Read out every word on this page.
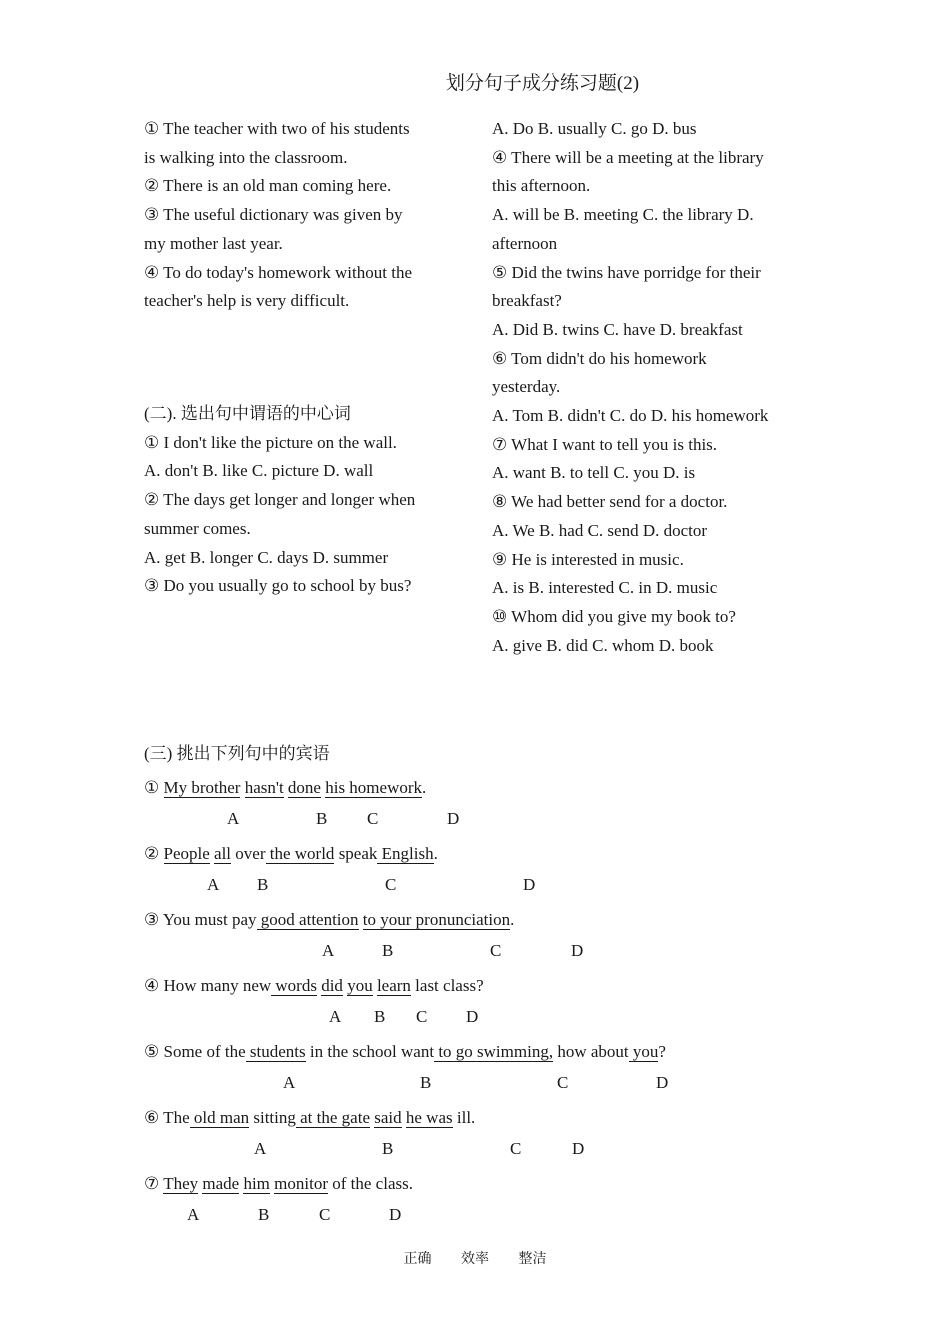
划分句子成分练习题(2)

① The teacher with two of his students

is walking into the classroom.

② There is an old man coming here.

③ The useful dictionary was given by

my mother last year.

④ To do today's homework without the

teacher's help is very difficult.

(二). 选出句中谓语的中心词

① I don't like the picture on the wall.

A. don't B. like C. picture D. wall

② The days get longer and longer when

summer comes.

A. get B. longer C. days D. summer

③ Do you usually go to school by bus?

A. Do B. usually C. go D. bus

④ There will be a meeting at the library

this afternoon.

A. will be B. meeting C. the library D.

afternoon

⑤ Did the twins have porridge for their

breakfast?

A. Did B. twins C. have D. breakfast

⑥ Tom didn't do his homework

yesterday.

A. Tom B. didn't C. do D. his homework

⑦ What I want to tell you is this.

A. want B. to tell C. you D. is

⑧ We had better send for a doctor.

A. We B. had C. send D. doctor

⑨ He is interested in music.

A. is B. interested C. in D. music

⑩ Whom did you give my book to?

A. give B. did C. whom D. book

(三) 挑出下列句中的宾语

① My brother hasn't done his homework.
A	B C	D
② People all over the world speak English.
A B	C	D
③ You must pay good attention to your pronunciation.
A	B	C	D
④ How many new words did you learn last class?
A B C D
⑤ Some of the students in the school want to go swimming, how about you?
A	B	C	D
⑥ The old man sitting at the gate said he was ill.
A	B	C	D
⑦ They made him monitor of the class.
A	B	C	D
正确 效率 整洁
